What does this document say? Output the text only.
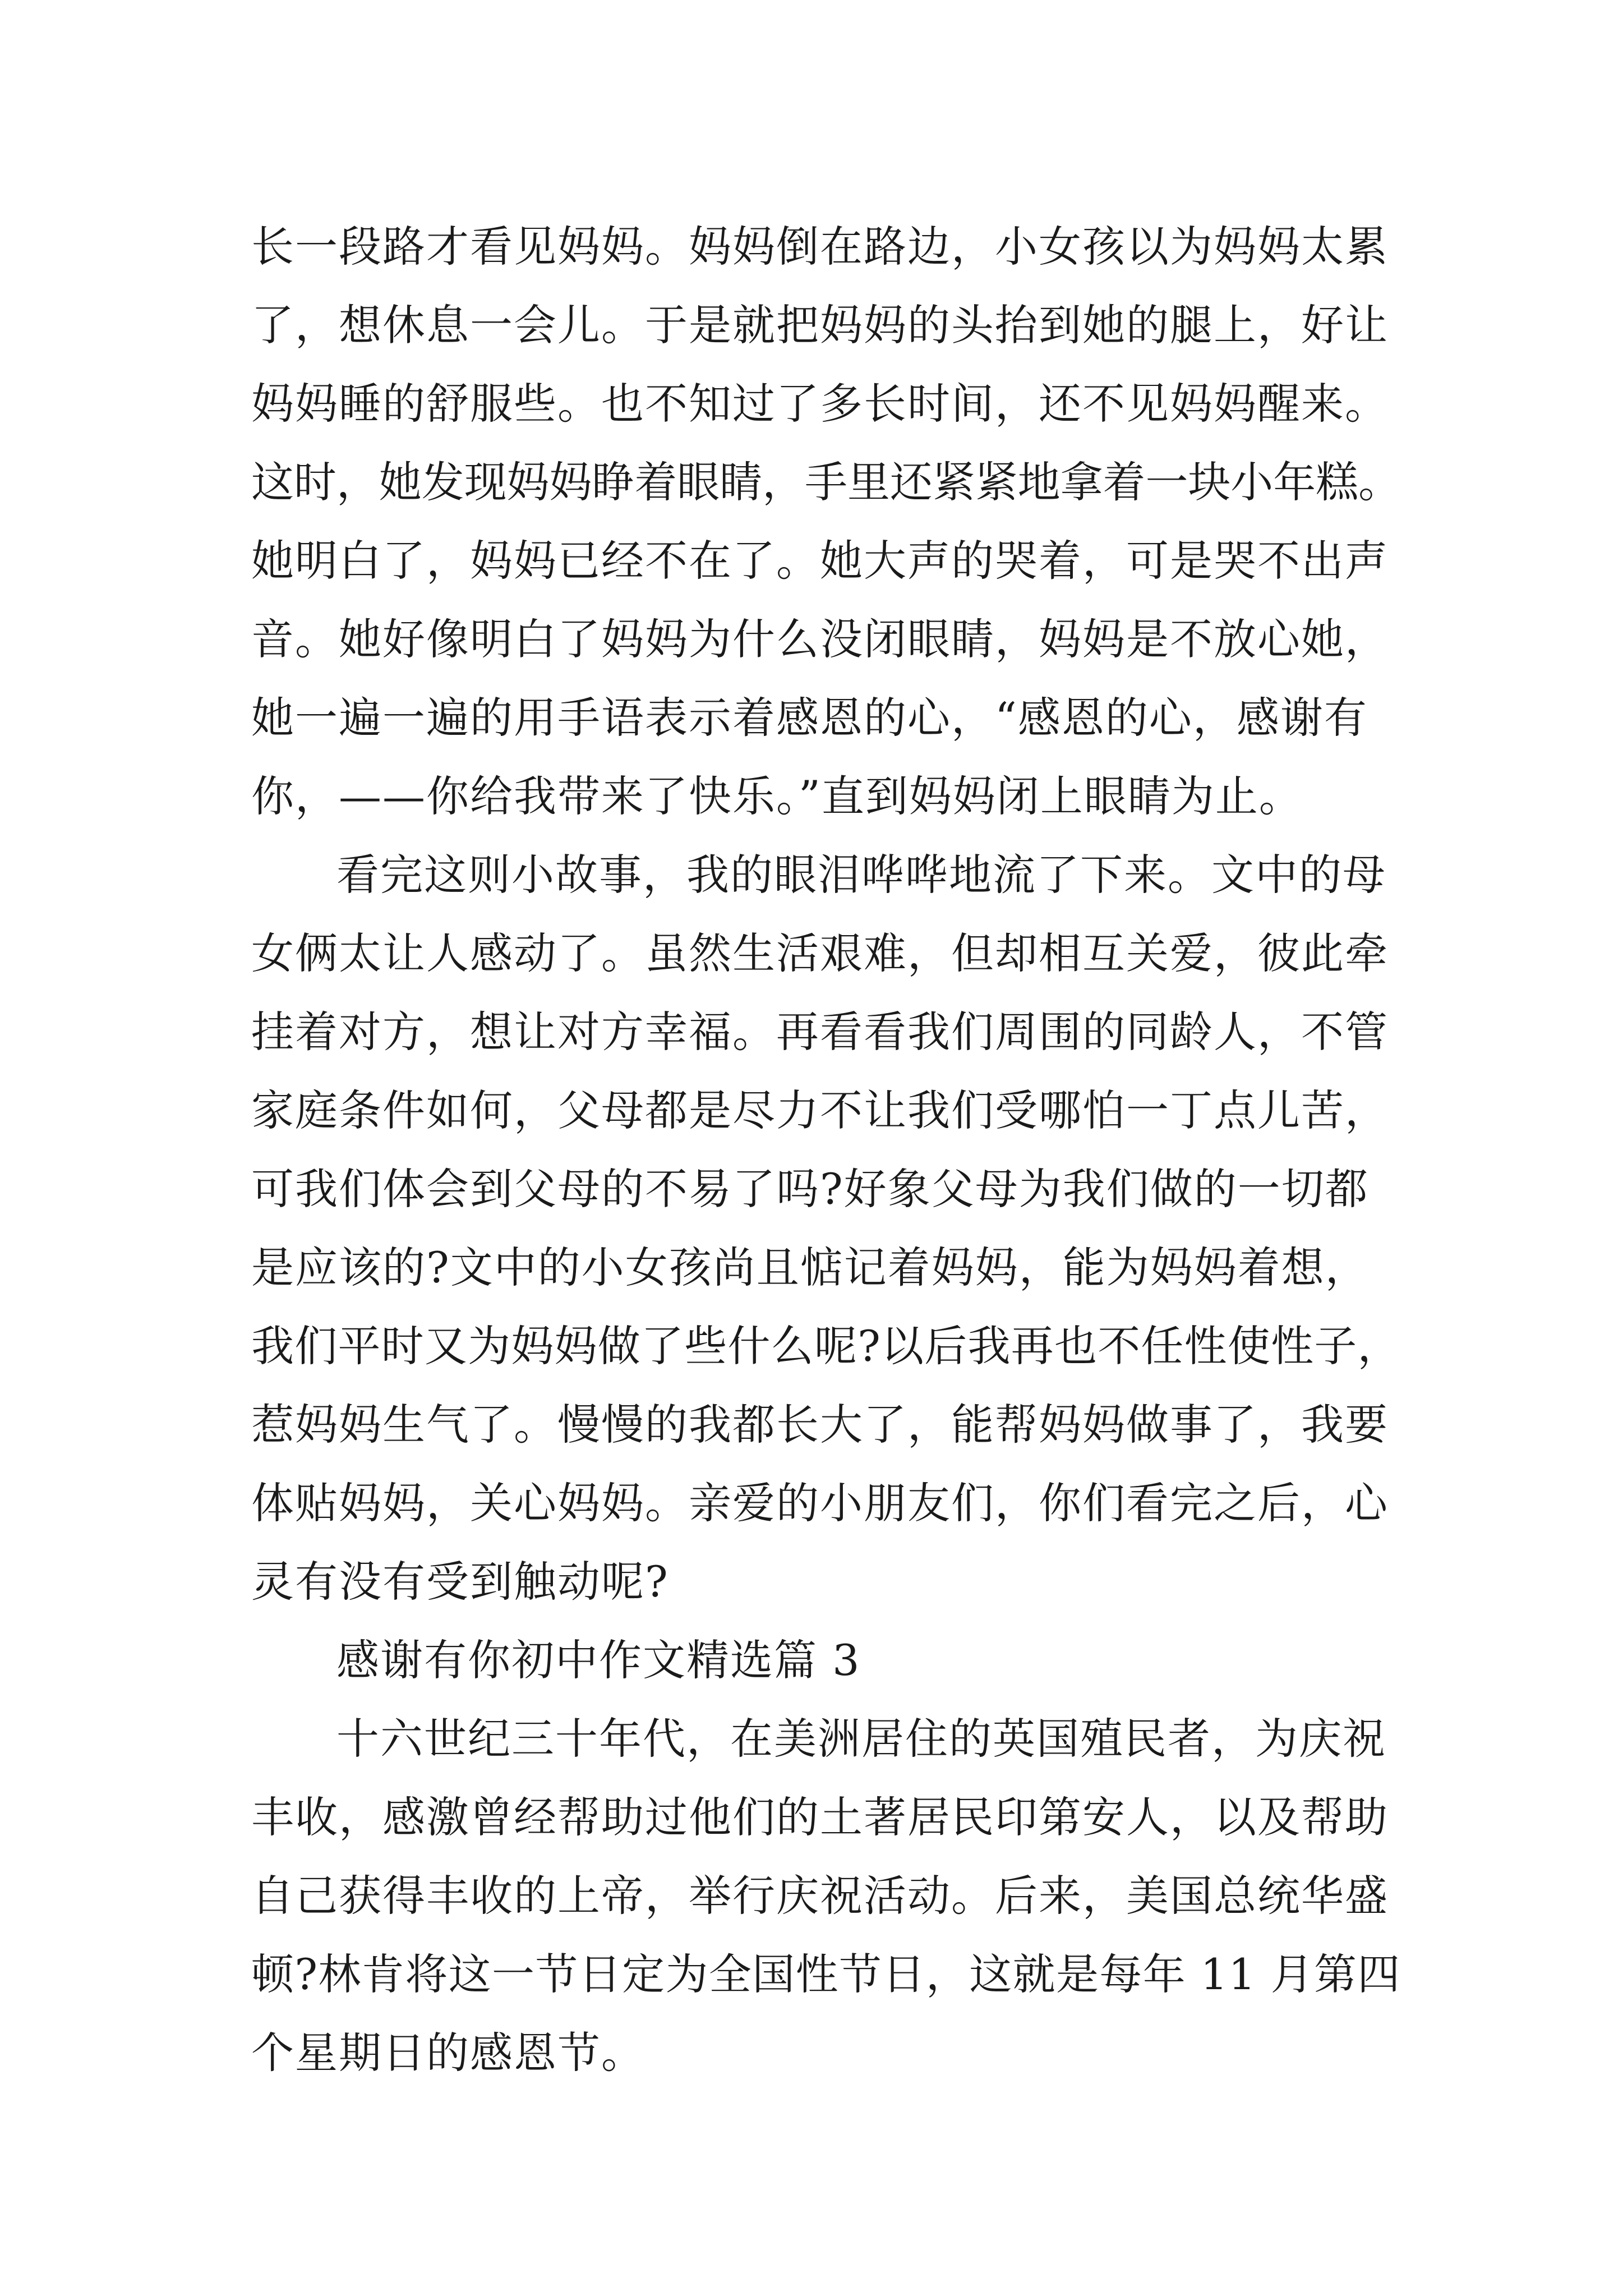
长一段路才看见妈妈。妈妈倒在路边，小女孩以为妈妈太累
了，想休息一会儿。于是就把妈妈的头抬到她的腿上，好让
妈妈睡的舒服些。也不知过了多长时间，还不见妈妈醒来。
这时，她发现妈妈睁着眼睛，手里还紧紧地拿着一块小年糕。
她明白了，妈妈已经不在了。她大声的哭着，可是哭不出声
音。她好像明白了妈妈为什么没闭眼睛，妈妈是不放心她，
她一遍一遍的用手语表示着感恩的心，“感恩的心，感谢有
你，——你给我带来了快乐。”直到妈妈闭上眼睛为止。
看完这则小故事，我的眼泪哗哗地流了下来。文中的母
女俩太让人感动了。虽然生活艰难，但却相互关爱，彼此牵
挂着对方，想让对方幸福。再看看我们周围的同龄人，不管
家庭条件如何，父母都是尽力不让我们受哪怕一丁点儿苦，
可我们体会到父母的不易了吗?好象父母为我们做的一切都
是应该的?文中的小女孩尚且惦记着妈妈，能为妈妈着想，
我们平时又为妈妈做了些什么呢?以后我再也不任性使性子，
惹妈妈生气了。慢慢的我都长大了，能帮妈妈做事了，我要
体贴妈妈，关心妈妈。亲爱的小朋友们，你们看完之后，心
灵有没有受到触动呢?
感谢有你初中作文精选篇 3
十六世纪三十年代，在美洲居住的英国殖民者，为庆祝
丰收，感激曾经帮助过他们的土著居民印第安人，以及帮助
自己获得丰收的上帝，举行庆祝活动。后来，美国总统华盛
顿?林肯将这一节日定为全国性节日，这就是每年 11 月第四
个星期日的感恩节。
